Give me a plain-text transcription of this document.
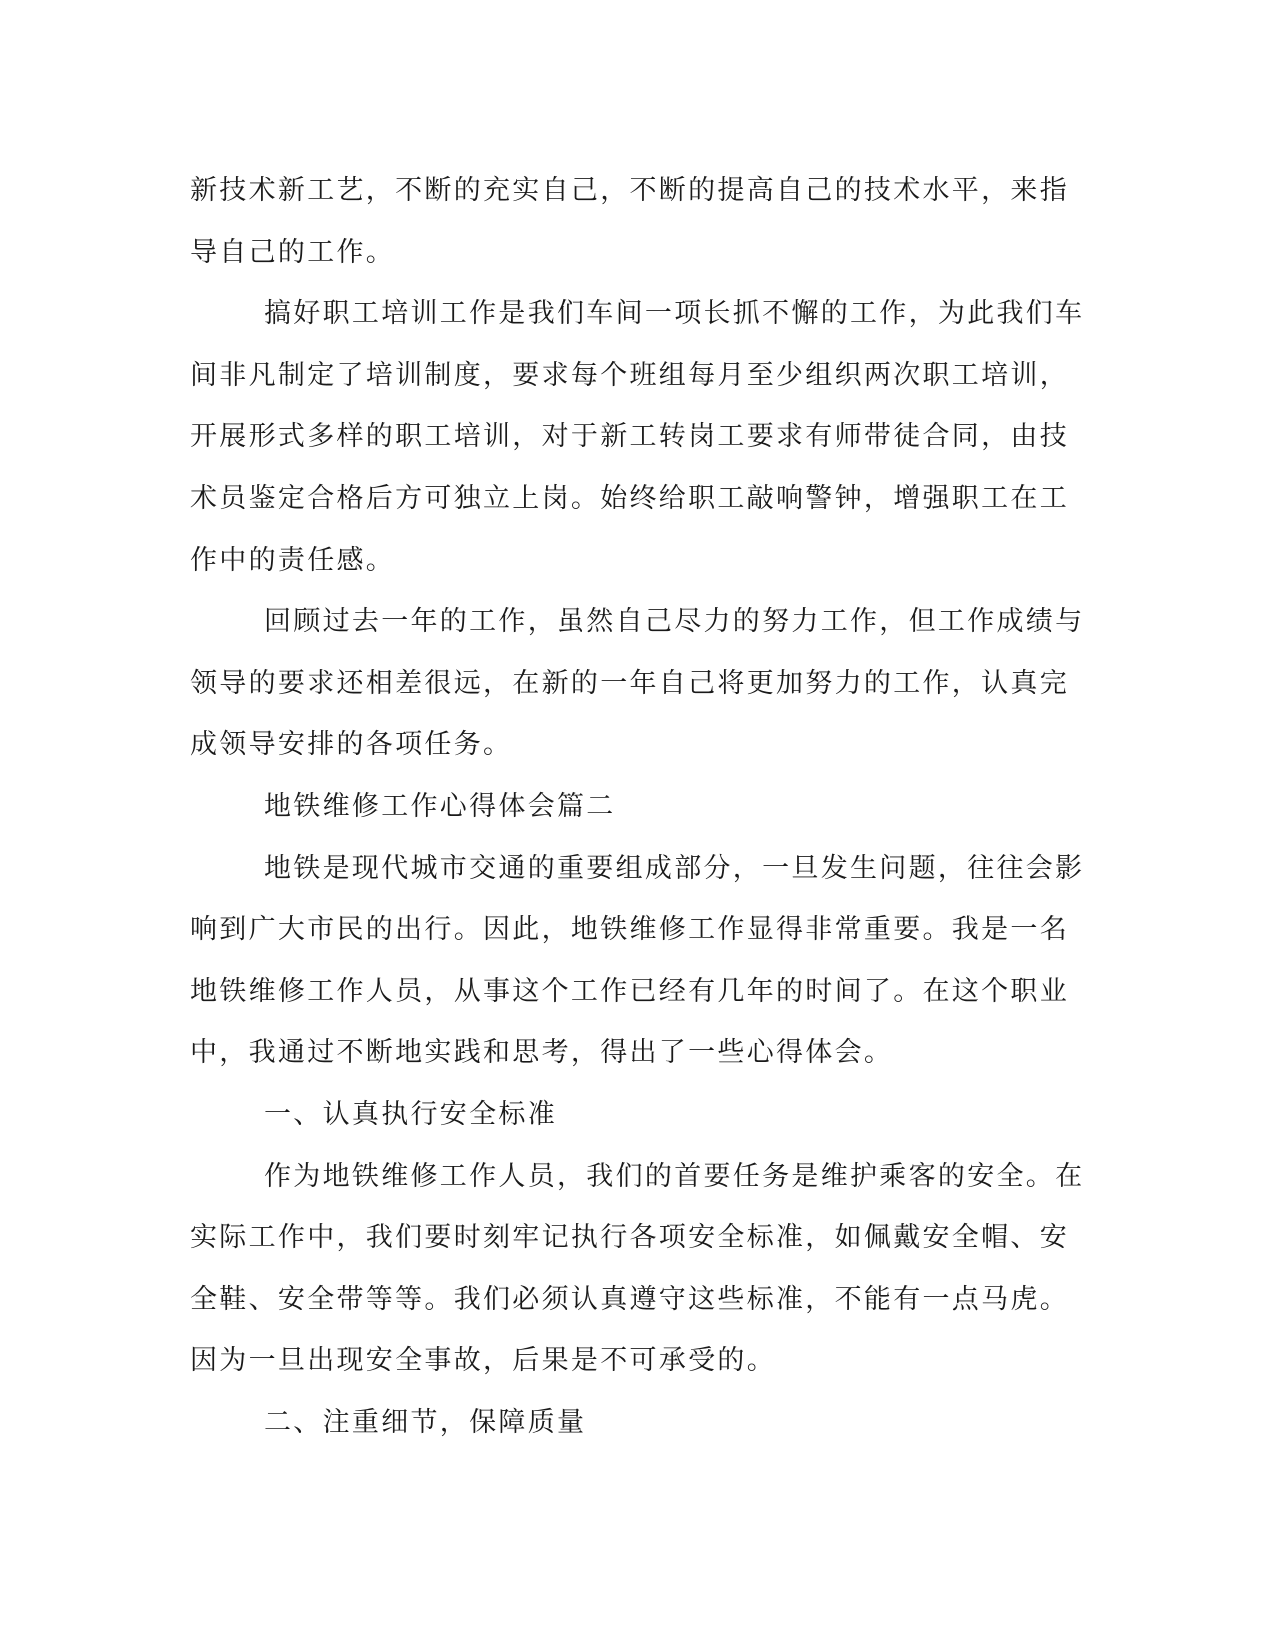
新技术新工艺，不断的充实自己，不断的提高自己的技术水平，来指
导自己的工作。
搞好职工培训工作是我们车间一项长抓不懈的工作，为此我们车
间非凡制定了培训制度，要求每个班组每月至少组织两次职工培训，
开展形式多样的职工培训，对于新工转岗工要求有师带徒合同，由技
术员鉴定合格后方可独立上岗。始终给职工敲响警钟，增强职工在工
作中的责任感。
回顾过去一年的工作，虽然自己尽力的努力工作，但工作成绩与
领导的要求还相差很远，在新的一年自己将更加努力的工作，认真完
成领导安排的各项任务。
地铁维修工作心得体会篇二
地铁是现代城市交通的重要组成部分，一旦发生问题，往往会影
响到广大市民的出行。因此，地铁维修工作显得非常重要。我是一名
地铁维修工作人员，从事这个工作已经有几年的时间了。在这个职业
中，我通过不断地实践和思考，得出了一些心得体会。
一、认真执行安全标准
作为地铁维修工作人员，我们的首要任务是维护乘客的安全。在
实际工作中，我们要时刻牢记执行各项安全标准，如佩戴安全帽、安
全鞋、安全带等等。我们必须认真遵守这些标准，不能有一点马虎。
因为一旦出现安全事故，后果是不可承受的。
二、注重细节，保障质量
